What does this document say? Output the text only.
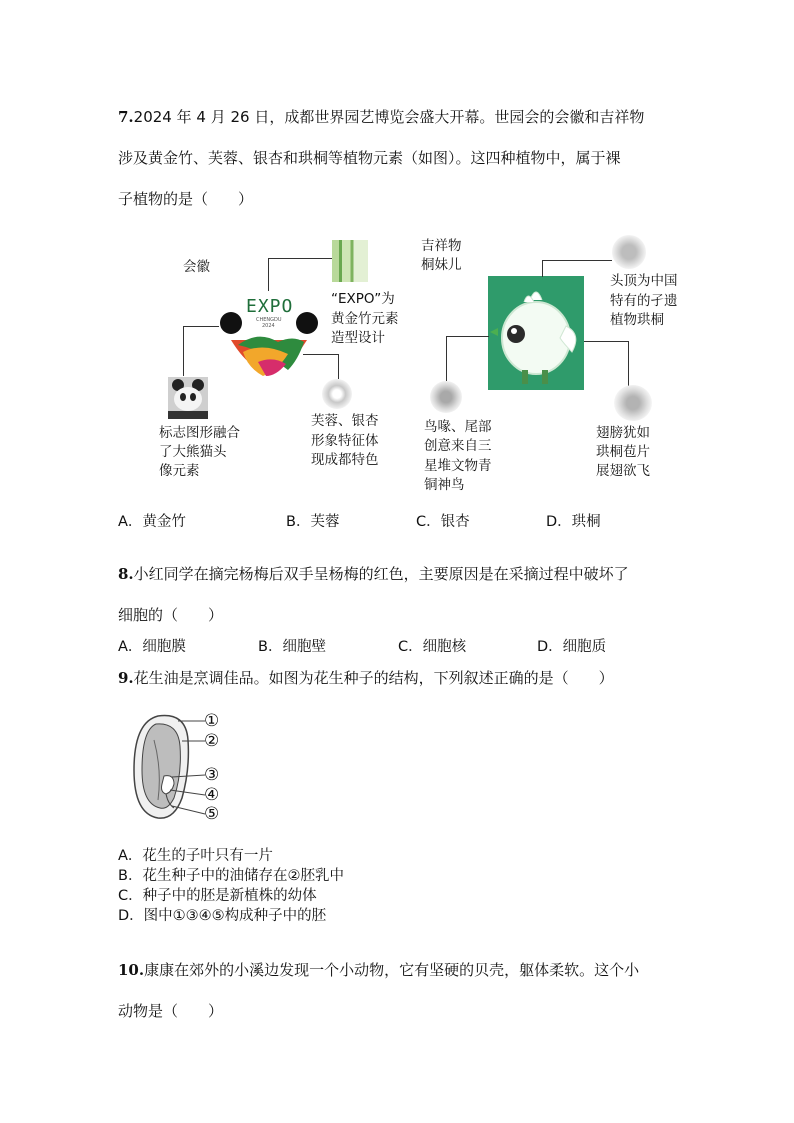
7.2024 年 4 月 26 日，成都世界园艺博览会盛大开幕。世园会的会徽和吉祥物
涉及黄金竹、芙蓉、银杏和珙桐等植物元素（如图）。这四种植物中，属于裸
子植物的是（　　）
会徽
EXPO
CHENGDU
2024
“EXPO”为
黄金竹元素
造型设计
标志图形融合
了大熊猫头
像元素
芙蓉、银杏
形象特征体
现成都特色
吉祥物
桐妹儿
头顶为中国
特有的孑遗
植物珙桐
鸟喙、尾部
创意来自三
星堆文物青
铜神鸟
翅膀犹如
珙桐苞片
展翅欲飞
A．黄金竹	B．芙蓉	C．银杏	D．珙桐
8.小红同学在摘完杨梅后双手呈杨梅的红色，主要原因是在采摘过程中破坏了
细胞的（　　）
A．细胞膜	B．细胞壁	C．细胞核	D．细胞质
9.花生油是烹调佳品。如图为花生种子的结构，下列叙述正确的是（　　）
①
②
③
④
⑤
A．花生的子叶只有一片
B．花生种子中的油储存在②胚乳中
C．种子中的胚是新植株的幼体
D．图中①③④⑤构成种子中的胚
10.康康在郊外的小溪边发现一个小动物，它有坚硬的贝壳，躯体柔软。这个小
动物是（　　）
